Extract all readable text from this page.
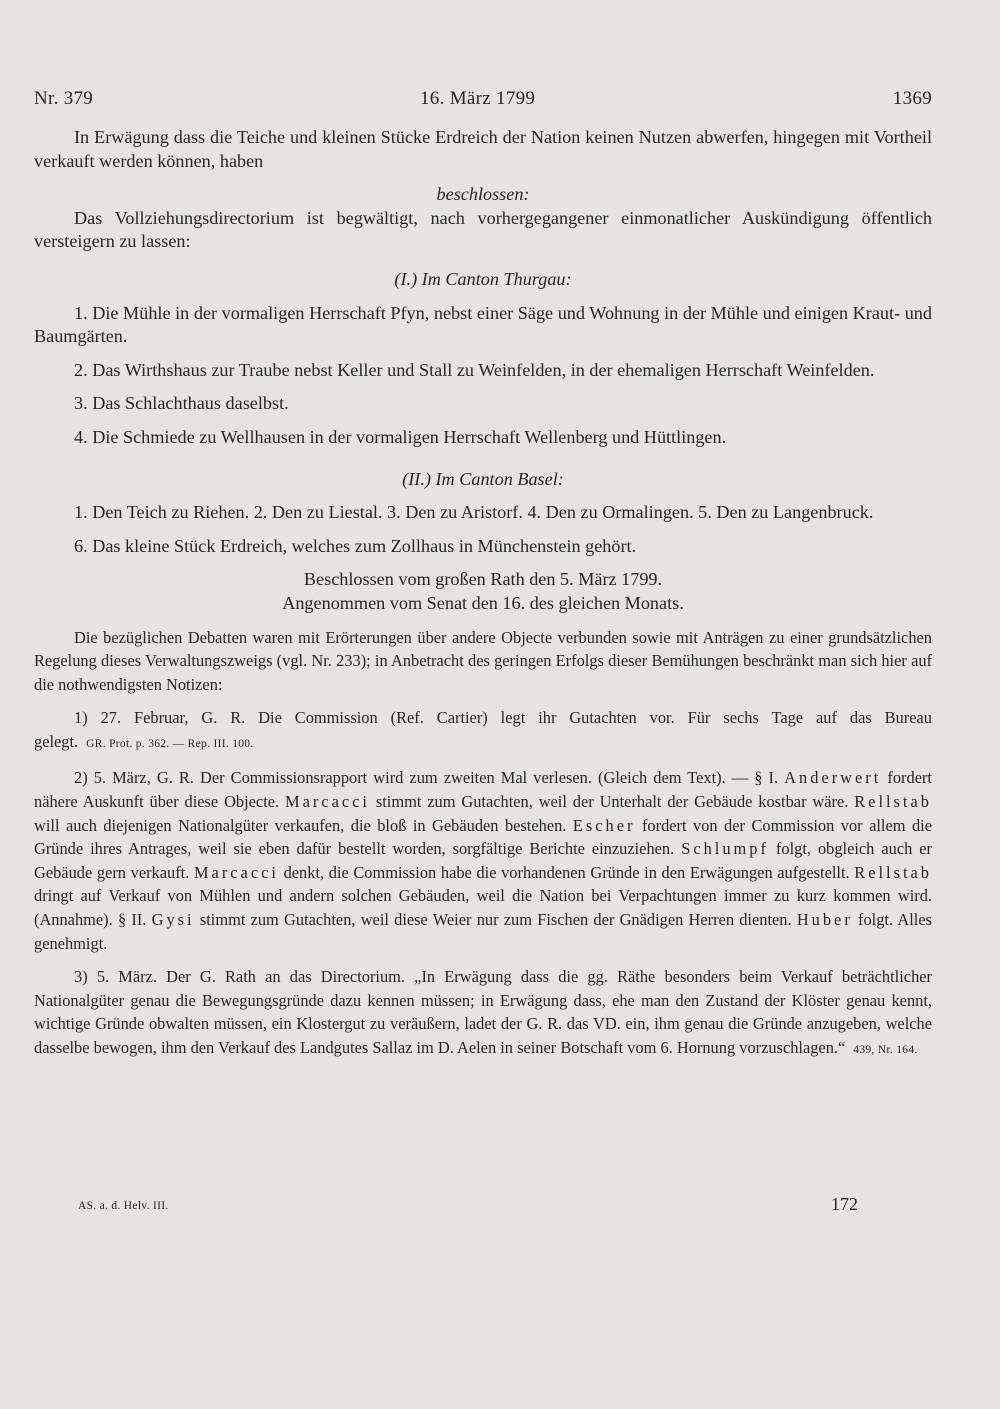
Nr. 379	16. März 1799	1369

In Erwägung dass die Teiche und kleinen Stücke Erdreich der Nation keinen Nutzen abwerfen, hingegen mit Vortheil verkauft werden können, haben

beschlossen:

Das Vollziehungsdirectorium ist begwältigt, nach vorhergegangener einmonatlicher Auskündigung öffentlich versteigern zu lassen:

(I.) Im Canton Thurgau:

1. Die Mühle in der vormaligen Herrschaft Pfyn, nebst einer Säge und Wohnung in der Mühle und einigen Kraut- und Baumgärten.

2. Das Wirthshaus zur Traube nebst Keller und Stall zu Weinfelden, in der ehemaligen Herrschaft Weinfelden.

3. Das Schlachthaus daselbst.

4. Die Schmiede zu Wellhausen in der vormaligen Herrschaft Wellenberg und Hüttlingen.

(II.) Im Canton Basel:

1. Den Teich zu Riehen. 2. Den zu Liestal. 3. Den zu Aristorf. 4. Den zu Ormalingen. 5. Den zu Langenbruck.

6. Das kleine Stück Erdreich, welches zum Zollhaus in Münchenstein gehört.

Beschlossen vom großen Rath den 5. März 1799.

Angenommen vom Senat den 16. des gleichen Monats.

Die bezüglichen Debatten waren mit Erörterungen über andere Objecte verbunden sowie mit Anträgen zu einer grundsätzlichen Regelung dieses Verwaltungszweigs (vgl. Nr. 233); in Anbetracht des geringen Erfolgs dieser Bemühungen beschränkt man sich hier auf die nothwendigsten Notizen:

1) 27. Februar, G. R. Die Commission (Ref. Cartier) legt ihr Gutachten vor. Für sechs Tage auf das Bureau gelegt. GR. Prot. p. 362. — Rep. III. 100.

2) 5. März, G. R. Der Commissionsrapport wird zum zweiten Mal verlesen. (Gleich dem Text). — § I. Anderwert fordert nähere Auskunft über diese Objecte. Marcacci stimmt zum Gutachten, weil der Unterhalt der Gebäude kostbar wäre. Rellstab will auch diejenigen Nationalgüter verkaufen, die bloß in Gebäuden bestehen. Escher fordert von der Commission vor allem die Gründe ihres Antrages, weil sie eben dafür bestellt worden, sorgfältige Berichte einzuziehen. Schlumpf folgt, obgleich auch er Gebäude gern verkauft. Marcacci denkt, die Commission habe die vorhandenen Gründe in den Erwägungen aufgestellt. Rellstab dringt auf Verkauf von Mühlen und andern solchen Gebäuden, weil die Nation bei Verpachtungen immer zu kurz kommen wird. (Annahme). § II. Gysi stimmt zum Gutachten, weil diese Weier nur zum Fischen der Gnädigen Herren dienten. Huber folgt. Alles genehmigt.

3) 5. März. Der G. Rath an das Directorium. „In Erwägung dass die gg. Räthe besonders beim Verkauf beträchtlicher Nationalgüter genau die Bewegungsgründe dazu kennen müssen; in Erwägung dass, ehe man den Zustand der Klöster genau kennt, wichtige Gründe obwalten müssen, ein Klostergut zu veräußern, ladet der G. R. das VD. ein, ihm genau die Gründe anzugeben, welche dasselbe bewogen, ihm den Verkauf des Landgutes Sallaz im D. Aelen in seiner Botschaft vom 6. Hornung vorzuschlagen.“ 439, Nr. 164.

AS. a. d. Helv. III.	172
